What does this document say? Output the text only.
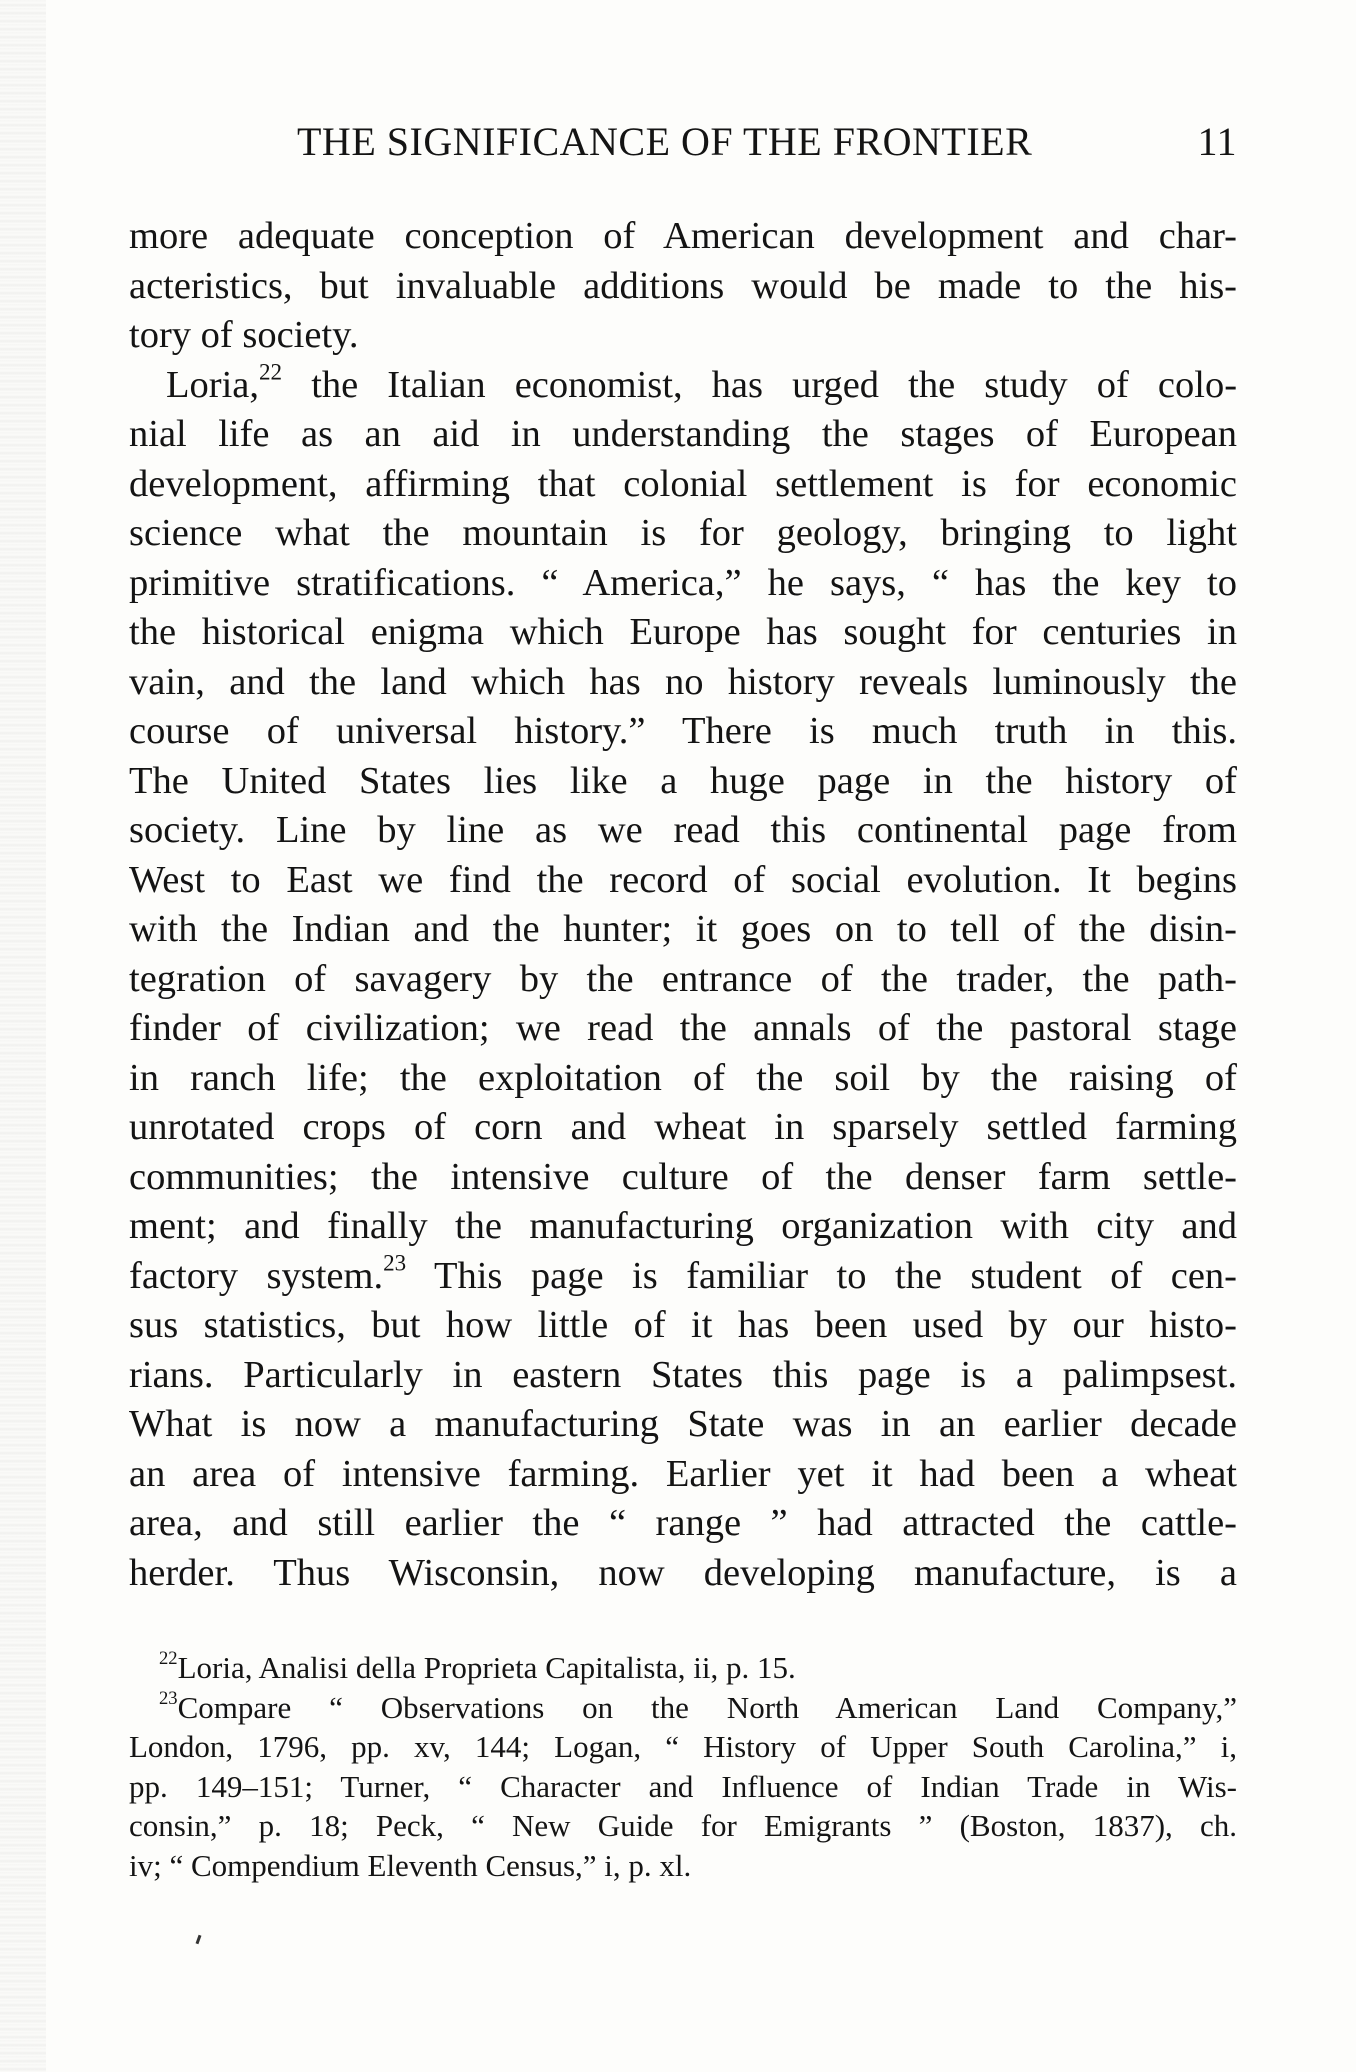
THE SIGNIFICANCE OF THE FRONTIER	11
more adequate conception of American development and char-
acteristics, but invaluable additions would be made to the his-
tory of society.
Loria,$^{22}$ the Italian economist, has urged the study of colo-
nial life as an aid in understanding the stages of European
development, affirming that colonial settlement is for economic
science what the mountain is for geology, bringing to light
primitive stratifications. “ America,” he says, “ has the key to
the historical enigma which Europe has sought for centuries in
vain, and the land which has no history reveals luminously the
course of universal history.” There is much truth in this.
The United States lies like a huge page in the history of
society. Line by line as we read this continental page from
West to East we find the record of social evolution. It begins
with the Indian and the hunter; it goes on to tell of the disin-
tegration of savagery by the entrance of the trader, the path-
finder of civilization; we read the annals of the pastoral stage
in ranch life; the exploitation of the soil by the raising of
unrotated crops of corn and wheat in sparsely settled farming
communities; the intensive culture of the denser farm settle-
ment; and finally the manufacturing organization with city and
factory system.$^{23}$ This page is familiar to the student of cen-
sus statistics, but how little of it has been used by our histo-
rians. Particularly in eastern States this page is a palimpsest.
What is now a manufacturing State was in an earlier decade
an area of intensive farming. Earlier yet it had been a wheat
area, and still earlier the “ range ” had attracted the cattle-
herder. Thus Wisconsin, now developing manufacture, is a
$^{22}$Loria, Analisi della Proprieta Capitalista, ii, p. 15.
$^{23}$Compare “ Observations on the North American Land Company,”
London, 1796, pp. xv, 144; Logan, “ History of Upper South Carolina,” i,
pp. 149–151; Turner, “ Character and Influence of Indian Trade in Wis-
consin,” p. 18; Peck, “ New Guide for Emigrants ” (Boston, 1837), ch.
iv; “ Compendium Eleventh Census,” i, p. xl.
